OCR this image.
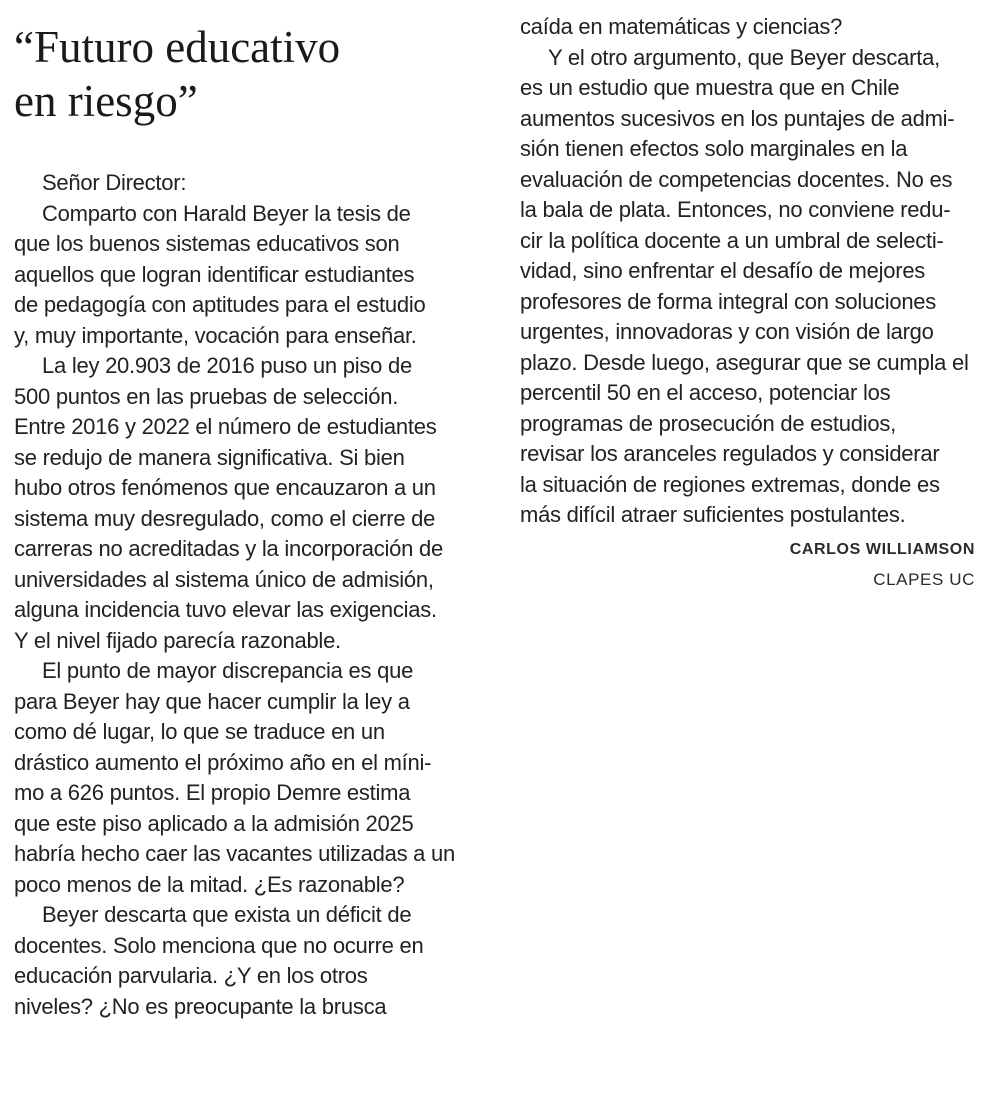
“Futuro educativo
en riesgo”
Señor Director:
Comparto con Harald Beyer la tesis de
que los buenos sistemas educativos son
aquellos que logran identificar estudiantes
de pedagogía con aptitudes para el estudio
y, muy importante, vocación para enseñar.
La ley 20.903 de 2016 puso un piso de
500 puntos en las pruebas de selección.
Entre 2016 y 2022 el número de estudiantes
se redujo de manera significativa. Si bien
hubo otros fenómenos que encauzaron a un
sistema muy desregulado, como el cierre de
carreras no acreditadas y la incorporación de
universidades al sistema único de admisión,
alguna incidencia tuvo elevar las exigencias.
Y el nivel fijado parecía razonable.
El punto de mayor discrepancia es que
para Beyer hay que hacer cumplir la ley a
como dé lugar, lo que se traduce en un
drástico aumento el próximo año en el míni-
mo a 626 puntos. El propio Demre estima
que este piso aplicado a la admisión 2025
habría hecho caer las vacantes utilizadas a un
poco menos de la mitad. ¿Es razonable?
Beyer descarta que exista un déficit de
docentes. Solo menciona que no ocurre en
educación parvularia. ¿Y en los otros
niveles? ¿No es preocupante la brusca
caída en matemáticas y ciencias?
Y el otro argumento, que Beyer descarta,
es un estudio que muestra que en Chile
aumentos sucesivos en los puntajes de admi-
sión tienen efectos solo marginales en la
evaluación de competencias docentes. No es
la bala de plata. Entonces, no conviene redu-
cir la política docente a un umbral de selecti-
vidad, sino enfrentar el desafío de mejores
profesores de forma integral con soluciones
urgentes, innovadoras y con visión de largo
plazo. Desde luego, asegurar que se cumpla el
percentil 50 en el acceso, potenciar los
programas de prosecución de estudios,
revisar los aranceles regulados y considerar
la situación de regiones extremas, donde es
más difícil atraer suficientes postulantes.
CARLOS WILLIAMSON
CLAPES UC
